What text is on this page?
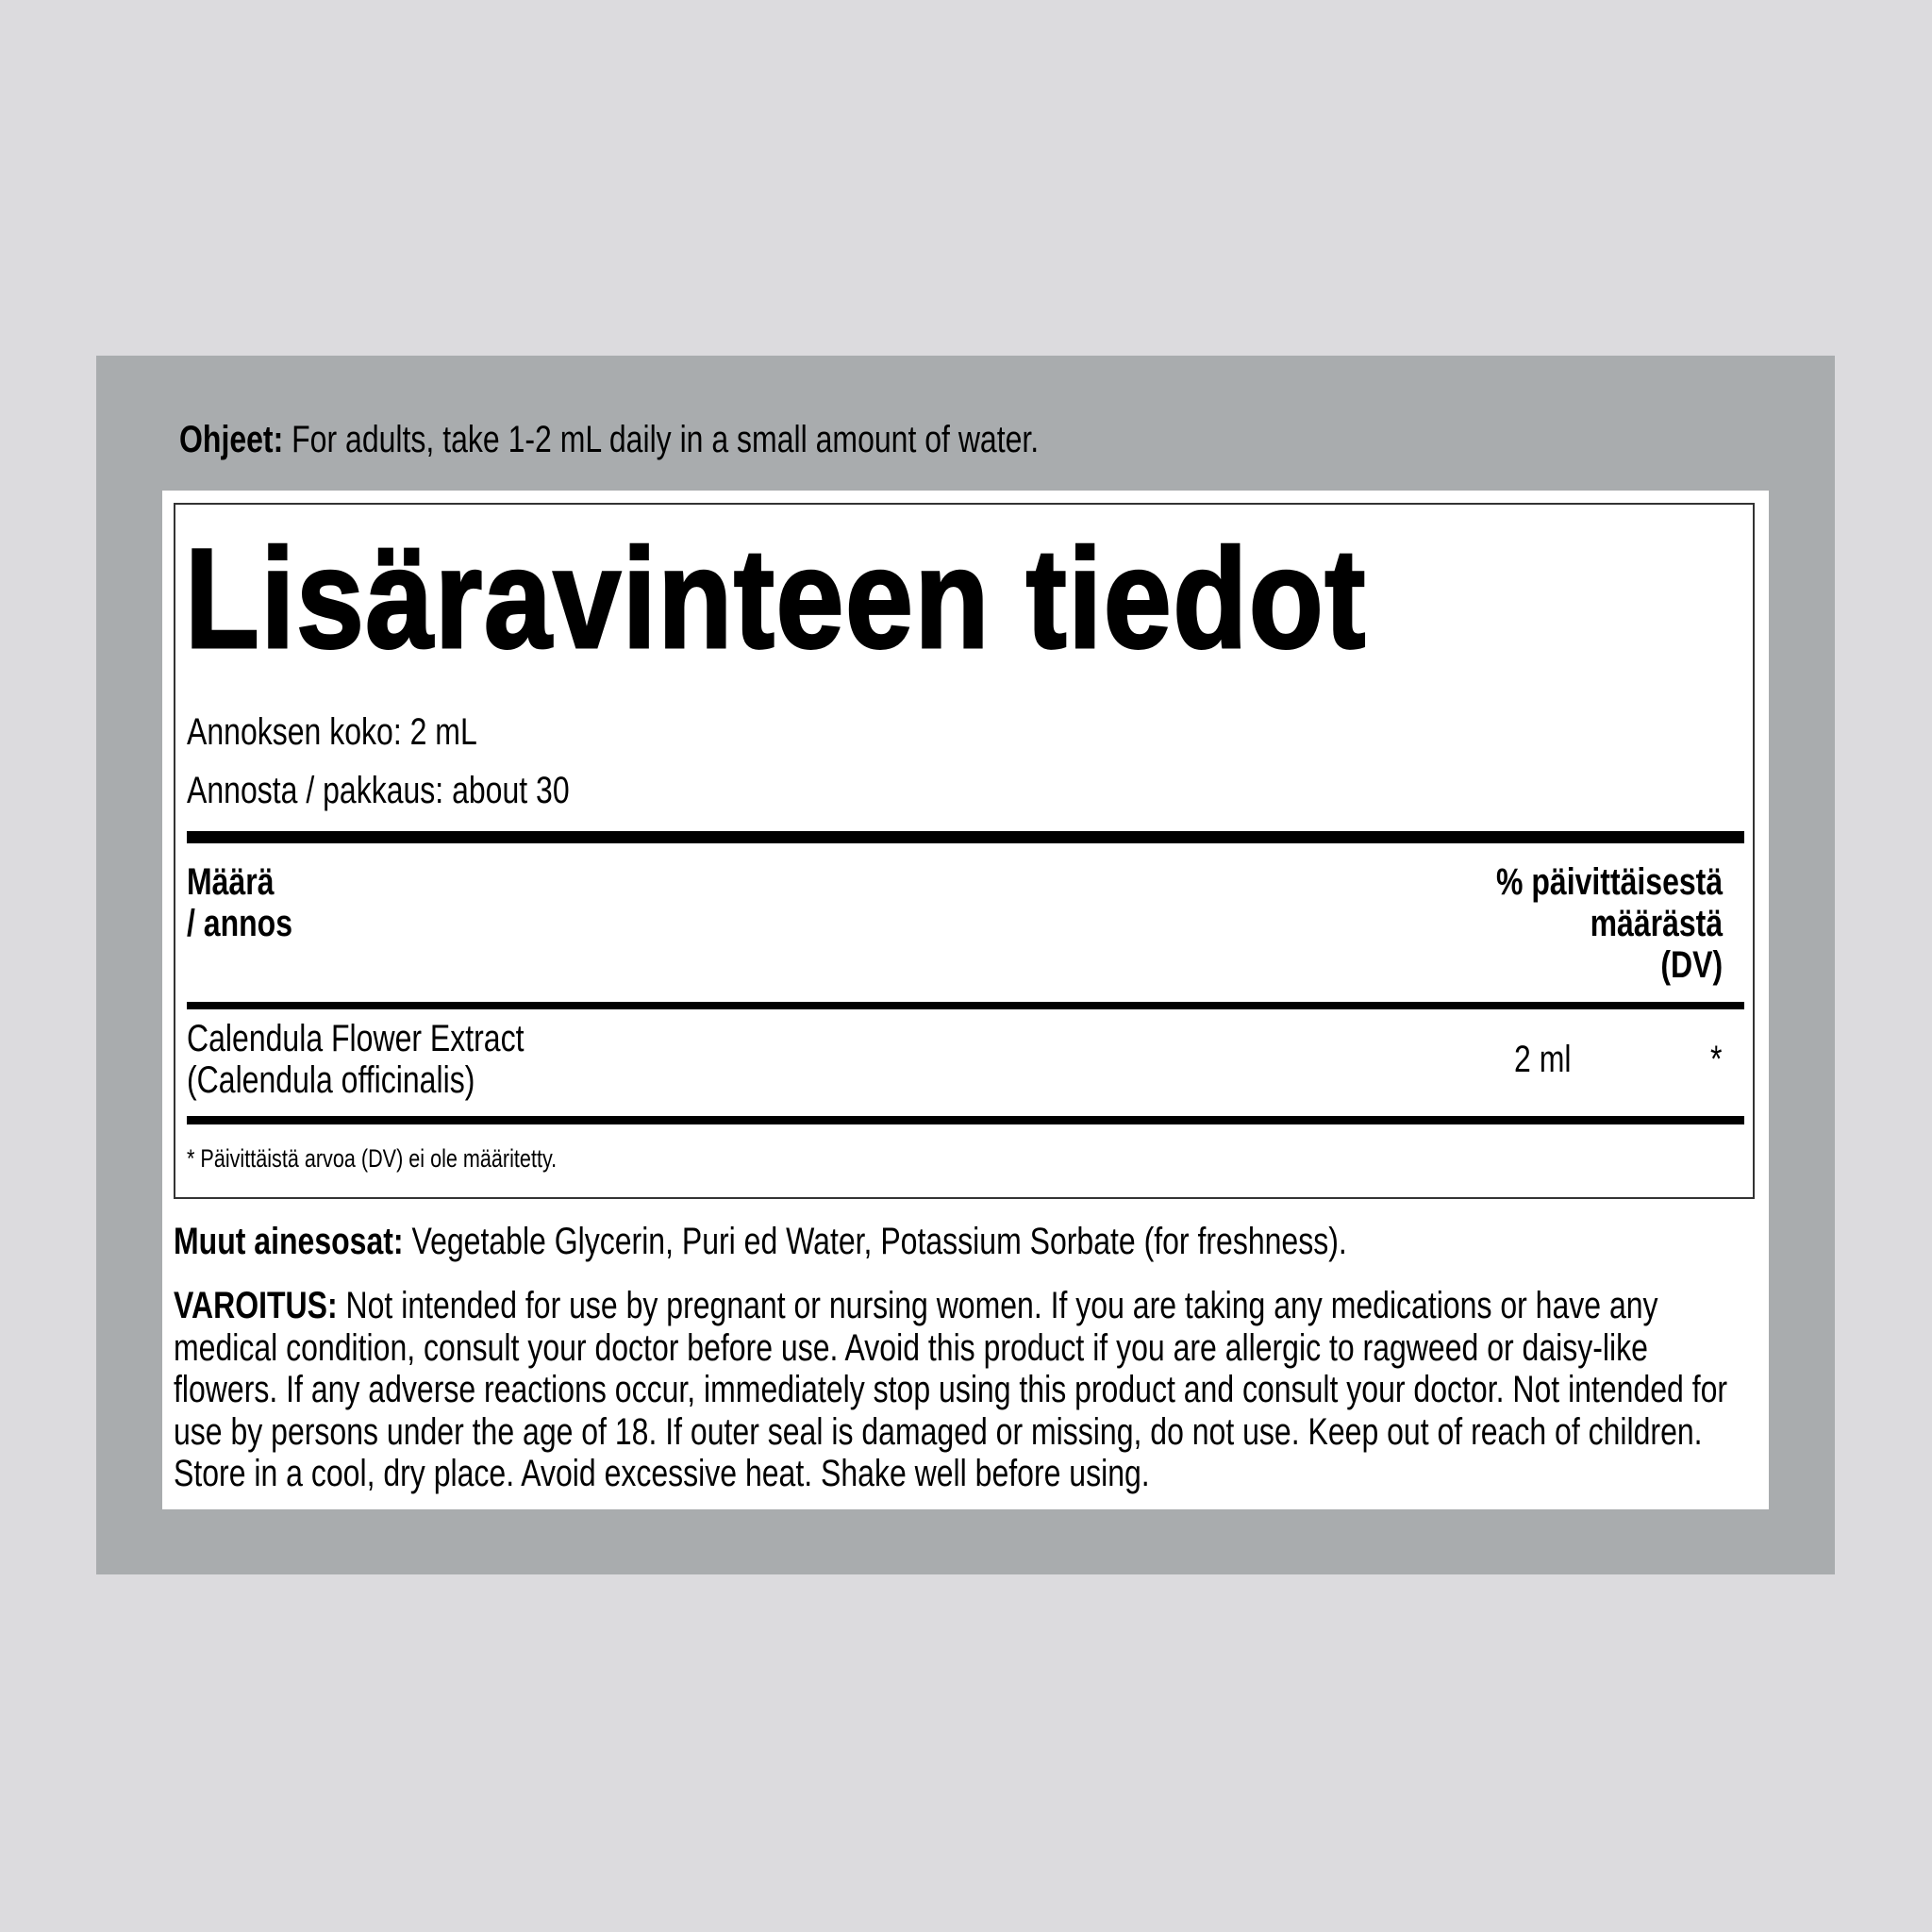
Ohjeet: For adults, take 1-2 mL daily in a small amount of water.
Lisäravinteen tiedot
Annoksen koko: 2 mL
Annosta / pakkaus: about 30
Määrä
/ annos
% päivittäisestä
määrästä
(DV)
Calendula Flower Extract
(Calendula officinalis)	2 ml	*
* Päivittäistä arvoa (DV) ei ole määritetty.
Muut ainesosat: Vegetable Glycerin, Puri ed Water, Potassium Sorbate (for freshness).
VAROITUS: Not intended for use by pregnant or nursing women. If you are taking any medications or have any medical condition, consult your doctor before use. Avoid this product if you are allergic to ragweed or daisy-like flowers. If any adverse reactions occur, immediately stop using this product and consult your doctor. Not intended for use by persons under the age of 18. If outer seal is damaged or missing, do not use. Keep out of reach of children. Store in a cool, dry place. Avoid excessive heat. Shake well before using.
